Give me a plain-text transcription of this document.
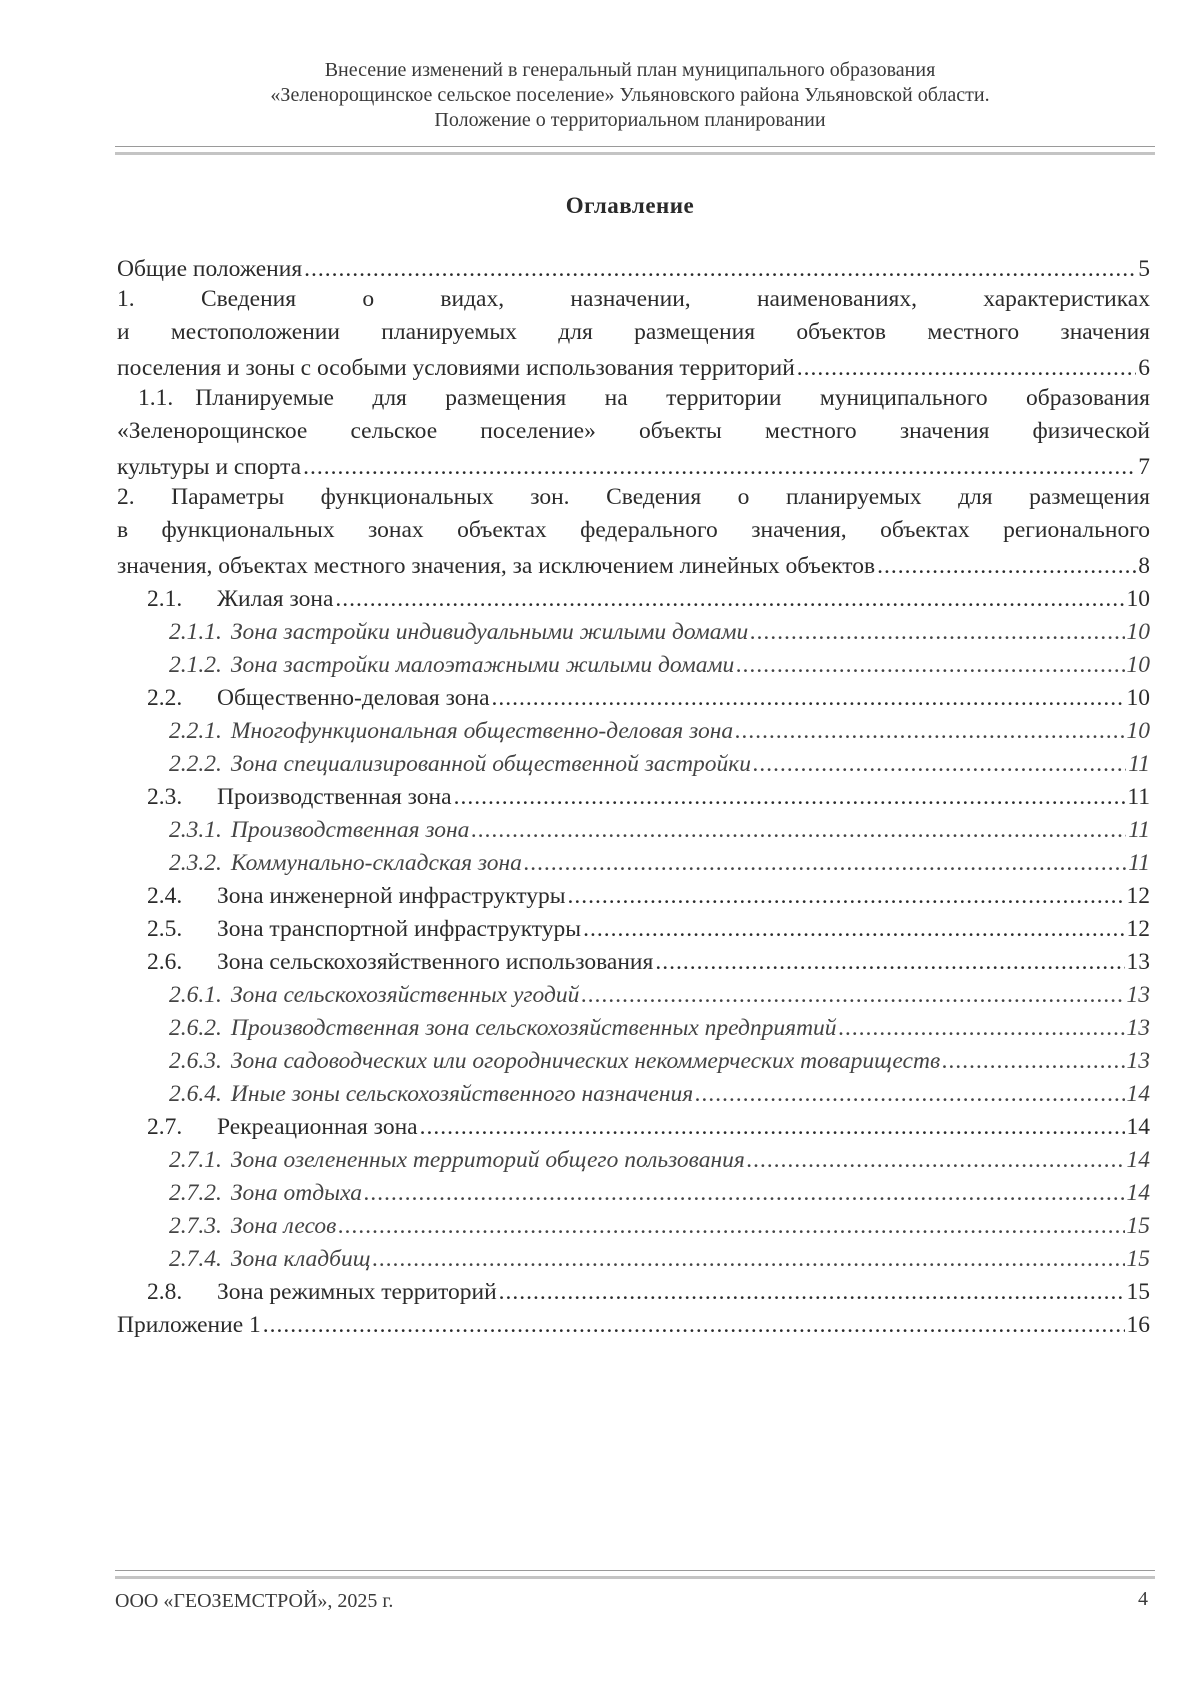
Внесение изменений в генеральный план муниципального образования
«Зеленорощинское сельское поселение» Ульяновского района Ульяновской области.
Положение о территориальном планировании
Оглавление
Общие положения .....	5
1. Сведения о видах, назначении, наименованиях, характеристиках
и местоположении планируемых для размещения объектов местного значения
поселения и зоны с особыми условиями использования территорий .....	6
1.1. Планируемые для размещения на территории муниципального образования
«Зеленорощинское сельское поселение» объекты местного значения физической
культуры и спорта .....	7
2. Параметры функциональных зон. Сведения о планируемых для размещения
в функциональных зонах объектах федерального значения, объектах регионального
значения, объектах местного значения, за исключением линейных объектов .....	8
2.1.	Жилая зона .....	10
2.1.1. Зона застройки индивидуальными жилыми домами .....	10
2.1.2. Зона застройки малоэтажными жилыми домами .....	10
2.2.	Общественно-деловая зона .....	10
2.2.1. Многофункциональная общественно-деловая зона .....	10
2.2.2. Зона специализированной общественной застройки .....	11
2.3.	Производственная зона .....	11
2.3.1. Производственная зона .....	11
2.3.2. Коммунально-складская зона .....	11
2.4.	Зона инженерной инфраструктуры .....	12
2.5.	Зона транспортной инфраструктуры .....	12
2.6.	Зона сельскохозяйственного использования .....	13
2.6.1. Зона сельскохозяйственных угодий .....	13
2.6.2. Производственная зона сельскохозяйственных предприятий .....	13
2.6.3. Зона садоводческих или огороднических некоммерческих товариществ .....	13
2.6.4. Иные зоны сельскохозяйственного назначения .....	14
2.7.	Рекреационная зона .....	14
2.7.1. Зона озелененных территорий общего пользования .....	14
2.7.2. Зона отдыха .....	14
2.7.3. Зона лесов .....	15
2.7.4. Зона кладбищ .....	15
2.8.	Зона режимных территорий .....	15
Приложение 1 .....	16
ООО «ГЕОЗЕМСТРОЙ», 2025 г.	4
